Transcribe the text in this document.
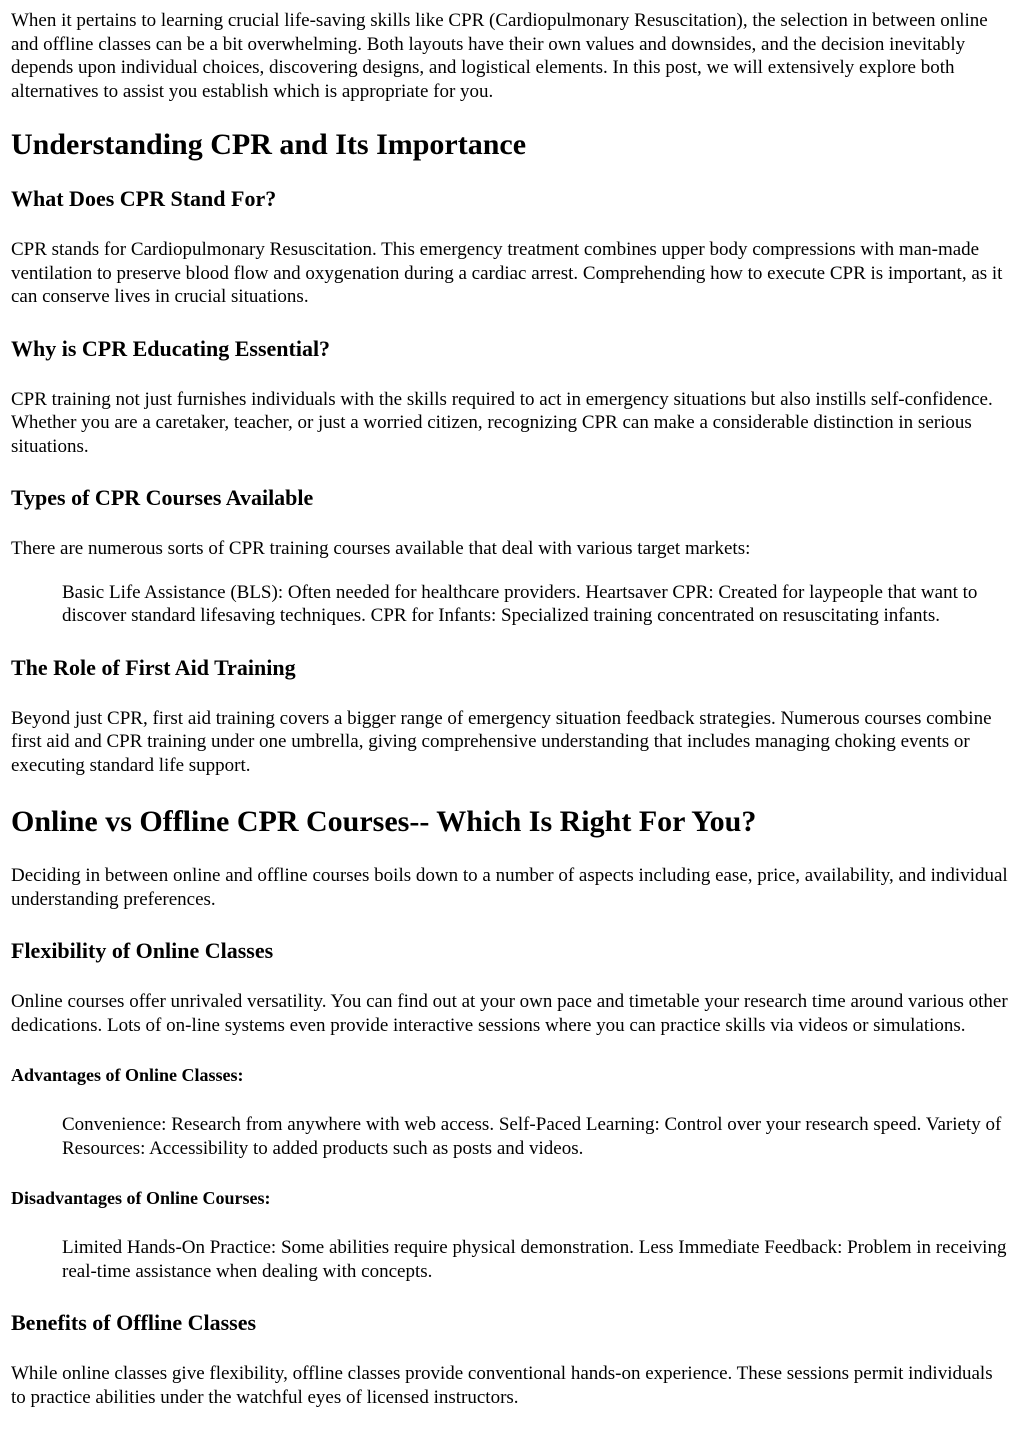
When it pertains to learning crucial life-saving skills like CPR (Cardiopulmonary Resuscitation), the selection in between online and offline classes can be a bit overwhelming. Both layouts have their own values and downsides, and the decision inevitably depends upon individual choices, discovering designs, and logistical elements. In this post, we will extensively explore both alternatives to assist you establish which is appropriate for you.

Understanding CPR and Its Importance
What Does CPR Stand For?

CPR stands for Cardiopulmonary Resuscitation. This emergency treatment combines upper body compressions with man-made ventilation to preserve blood flow and oxygenation during a cardiac arrest. Comprehending how to execute CPR is important, as it can conserve lives in crucial situations.

Why is CPR Educating Essential?

CPR training not just furnishes individuals with the skills required to act in emergency situations but also instills self-confidence. Whether you are a caretaker, teacher, or just a worried citizen, recognizing CPR can make a considerable distinction in serious situations.

Types of CPR Courses Available

There are numerous sorts of CPR training courses available that deal with various target markets:

Basic Life Assistance (BLS): Often needed for healthcare providers. Heartsaver CPR: Created for laypeople that want to discover standard lifesaving techniques. CPR for Infants: Specialized training concentrated on resuscitating infants.
The Role of First Aid Training

Beyond just CPR, first aid training covers a bigger range of emergency situation feedback strategies. Numerous courses combine first aid and CPR training under one umbrella, giving comprehensive understanding that includes managing choking events or executing standard life support.

Online vs Offline CPR Courses-- Which Is Right For You?

Deciding in between online and offline courses boils down to a number of aspects including ease, price, availability, and individual understanding preferences.

Flexibility of Online Classes

Online courses offer unrivaled versatility. You can find out at your own pace and timetable your research time around various other dedications. Lots of on-line systems even provide interactive sessions where you can practice skills via videos or simulations.

Advantages of Online Classes:
Convenience: Research from anywhere with web access. Self-Paced Learning: Control over your research speed. Variety of Resources: Accessibility to added products such as posts and videos.
Disadvantages of Online Courses:
Limited Hands-On Practice: Some abilities require physical demonstration. Less Immediate Feedback: Problem in receiving real-time assistance when dealing with concepts.
Benefits of Offline Classes

While online classes give flexibility, offline classes provide conventional hands-on experience. These sessions permit individuals to practice abilities under the watchful eyes of licensed instructors.
